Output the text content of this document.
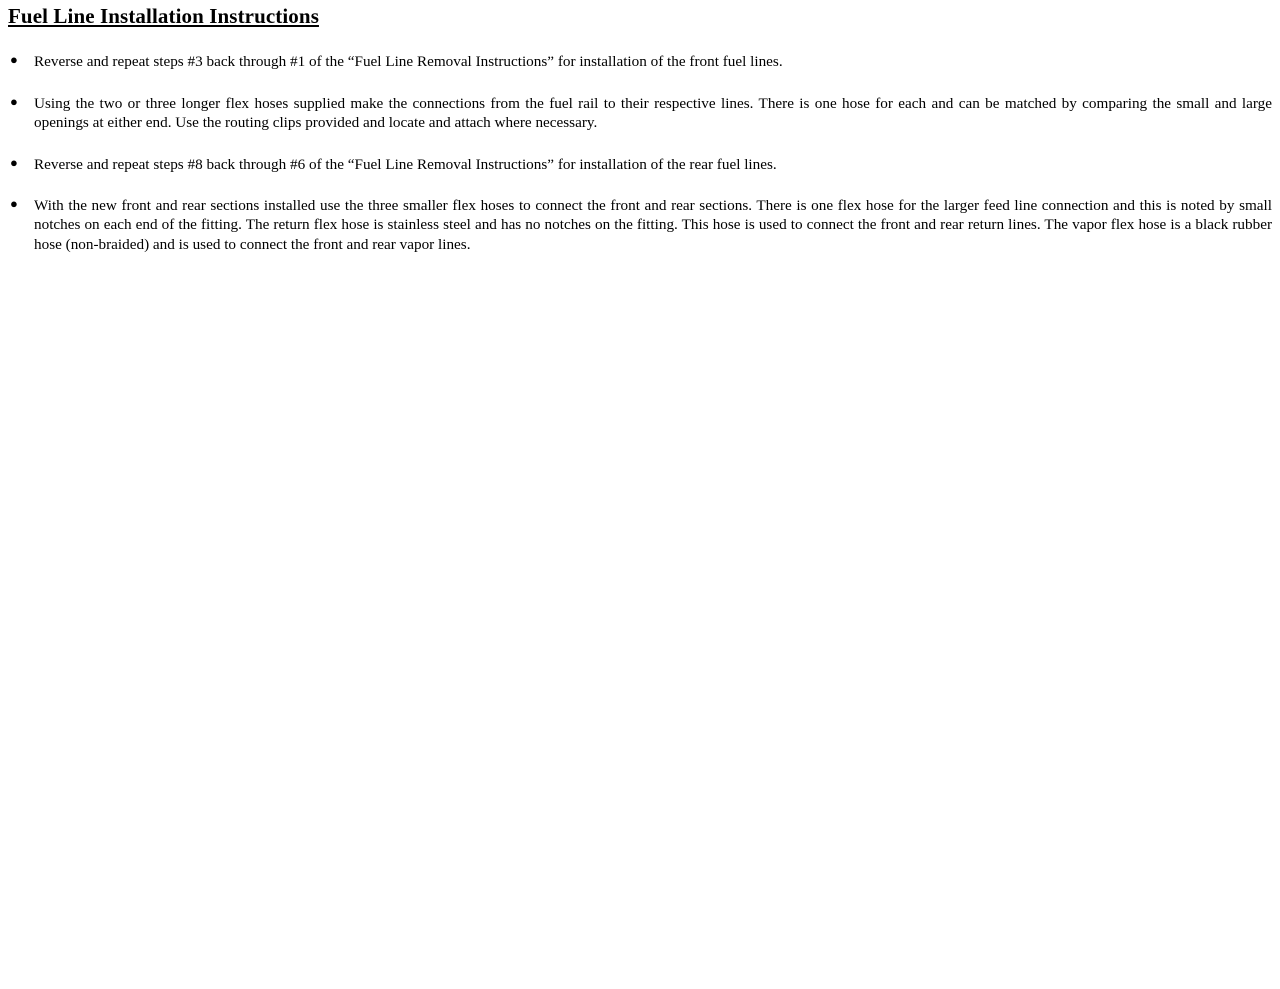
Fuel Line Installation Instructions
● Reverse and repeat steps #3 back through #1 of the “Fuel Line Removal Instructions” for installation of the front fuel lines.
● Using the two or three longer flex hoses supplied make the connections from the fuel rail to their respective lines. There is one hose for each and can be matched by comparing the small and large openings at either end. Use the routing clips provided and locate and attach where necessary.
● Reverse and repeat steps #8 back through #6 of the “Fuel Line Removal Instructions” for installation of the rear fuel lines.
● With the new front and rear sections installed use the three smaller flex hoses to connect the front and rear sections. There is one flex hose for the larger feed line connection and this is noted by small notches on each end of the fitting. The return flex hose is stainless steel and has no notches on the fitting. This hose is used to connect the front and rear return lines. The vapor flex hose is a black rubber hose (non-braided) and is used to connect the front and rear vapor lines.
